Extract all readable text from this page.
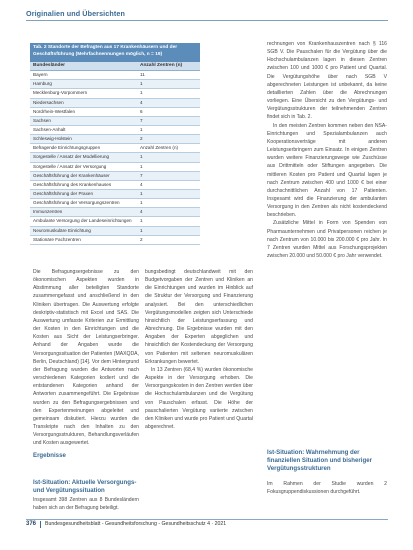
Originalien und Übersichten
Tab. 2 Standorte der Befragten aus 17 Krankenhäusern und der Geschäftsführung (Mehrfachnennungen möglich, n = 19)
Bundesländer	Anzahl Zentren (n)
Bayern	11
Hamburg	1
Mecklenburg-Vorpommern	1
Niedersachsen	4
Nordrhein-Westfalen	6
Sachsen	7
Sachsen-Anhalt	1
Schleswig-Holstein	2
Befragende Einrichtungsgruppen	Anzahl Zentren (n)
Sorgestelle / Ansatz der Modellierung	1
Sorgestelle / Ansatz der Versorgung	1
Geschäftsführung der Krankenhäuser	7
Geschäftsführung des Krankenhauses	4
Geschäftsführung der Praxen	1
Geschäftsführung der Versorgungszentren	1
Immunzentren	4
Ambulante Versorgung der Landeseinrichtungen	1
Neuromuskuläre Einrichtung	1
Stationäre Fachzentren	2

Die Befragungsergebnisse zu den ökonomischen Aspekten wurden in Abstimmung aller beteiligten Standorte zusammengefasst und anschließend in den Kliniken übertragen. Die Auswertung erfolgte deskriptiv-statistisch mit Excel und SAS. Die Auswertung umfasste Kriterien zur Ermittlung der Kosten in den Einrichtungen und die Kosten aus Sicht der Leistungserbringer. Anhand der Angaben wurde die Versorgungssituation der Patienten (MAXQDA, Berlin, Deutschland) [14]. Vor dem Hintergrund der Befragung wurden die Antworten nach verschiedenen Kategorien kodiert und die entstandenen Kategorien anhand der Antworten zusammengeführt. Die Ergebnisse wurden zu den Befragungsergebnissen und den Expertenmeinungen abgeleitet und gemeinsam diskutiert. Hierzu wurden die Transkripte nach den Inhalten zu den Versorgungsstrukturen, Behandlungsverläufen und Kosten ausgewertet.

bungsbedingt deutschlandweit mit den Budgetvorgaben der Zentren und Kliniken an die Einrichtungen und wurden im Hinblick auf die Struktur der Versorgung und Finanzierung analysiert. Bei den unterschiedlichen Vergütungsmodellen zeigten sich Unterschiede hinsichtlich der Leistungserfassung und Abrechnung. Die Ergebnisse wurden mit den Angaben der Experten abgeglichen und hinsichtlich der Kostendeckung der Versorgung von Patienten mit seltenen neuromuskulären Erkrankungen bewertet.

In 13 Zentren (68,4 %) wurden ökonomische Aspekte in der Versorgung erhoben. Die Versorgungskosten in den Zentren werden über die Hochschulambulanzen und die Vergütung von Pauschalen erfasst. Die Höhe der pauschalierten Vergütung variierte zwischen den Kliniken und wurde pro Patient und Quartal abgerechnet.

rechnungen von Krankenhauszentren nach § 116 SGB V. Die Pauschalen für die Vergütung über die Hochschulambulanzen lagen in diesen Zentren zwischen 100 und 1000 € pro Patient und Quartal. Die Vergütungshöhe über nach SGB V abgerechneten Leistungen ist unbekannt, da keine detaillierten Zahlen über die Abrechnungen vorliegen. Eine Übersicht zu den Vergütungs- und Vergütungsstrukturen der teilnehmenden Zentren findet sich in Tab. 2.

In den meisten Zentren kommen neben den NSA-Einrichtungen und Spezialambulanzen auch Kooperationsverträge mit anderen Leistungserbringern zum Einsatz. In einigen Zentren wurden weitere Finanzierungswege wie Zuschüsse aus Drittmitteln oder Stiftungen angegeben. Die mittleren Kosten pro Patient und Quartal lagen je nach Zentrum zwischen 400 und 1000 € bei einer durchschnittlichen Anzahl von 17 Patienten. Insgesamt wird die Finanzierung der ambulanten Versorgung in den Zentren als nicht kostendeckend beschrieben.

Zusätzliche Mittel in Form von Spenden von Pharmaunternehmen und Privatpersonen reichen je nach Zentrum von 10.000 bis 200.000 € pro Jahr. In 7 Zentren wurden Mittel aus Forschungsprojekten zwischen 20.000 und 50.000 € pro Jahr verwendet.

Ergebnisse
Ist-Situation: Aktuelle Versorgungs- und Vergütungssituation

Insgesamt 398 Zentren aus 8 Bundesländern haben sich an der Befragung beteiligt.

Ist-Situation: Wahrnehmung der finanziellen Situation und bisheriger Vergütungsstrukturen

Im Rahmen der Studie wurden 2 Fokusgruppendiskussionen durchgeführt.

376 Bundesgesundheitsblatt - Gesundheitsforschung - Gesundheitsschutz 4 · 2021
